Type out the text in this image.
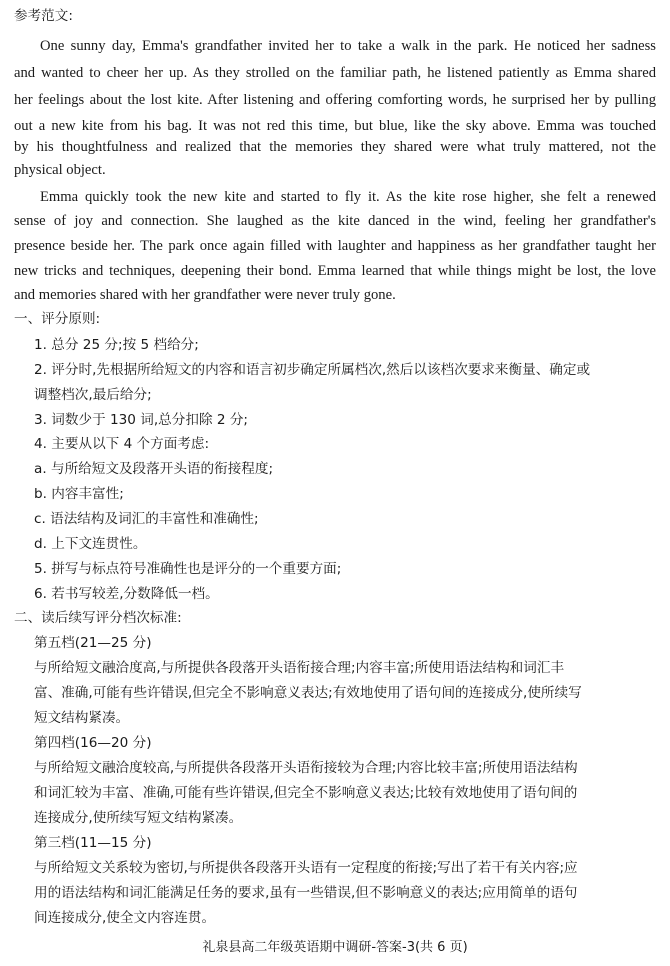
参考范文:
One sunny day, Emma's grandfather invited her to take a walk in the park. He noticed her sadness
and wanted to cheer her up. As they strolled on the familiar path, he listened patiently as Emma shared
her feelings about the lost kite. After listening and offering comforting words, he surprised her by pulling
out a new kite from his bag. It was not red this time, but blue, like the sky above. Emma was touched
by his thoughtfulness and realized that the memories they shared were what truly mattered, not the
physical object.
Emma quickly took the new kite and started to fly it. As the kite rose higher, she felt a renewed
sense of joy and connection. She laughed as the kite danced in the wind, feeling her grandfather's
presence beside her. The park once again filled with laughter and happiness as her grandfather taught her
new tricks and techniques, deepening their bond. Emma learned that while things might be lost, the love
and memories shared with her grandfather were never truly gone.
一、评分原则:
1. 总分 25 分;按 5 档给分;
2. 评分时,先根据所给短文的内容和语言初步确定所属档次,然后以该档次要求来衡量、确定或
调整档次,最后给分;
3. 词数少于 130 词,总分扣除 2 分;
4. 主要从以下 4 个方面考虑:
a. 与所给短文及段落开头语的衔接程度;
b. 内容丰富性;
c. 语法结构及词汇的丰富性和准确性;
d. 上下文连贯性。
5. 拼写与标点符号准确性也是评分的一个重要方面;
6. 若书写较差,分数降低一档。
二、读后续写评分档次标准:
第五档(21—25 分)
与所给短文融洽度高,与所提供各段落开头语衔接合理;内容丰富;所使用语法结构和词汇丰
富、准确,可能有些许错误,但完全不影响意义表达;有效地使用了语句间的连接成分,使所续写
短文结构紧凑。
第四档(16—20 分)
与所给短文融洽度较高,与所提供各段落开头语衔接较为合理;内容比较丰富;所使用语法结构
和词汇较为丰富、准确,可能有些许错误,但完全不影响意义表达;比较有效地使用了语句间的
连接成分,使所续写短文结构紧凑。
第三档(11—15 分)
与所给短文关系较为密切,与所提供各段落开头语有一定程度的衔接;写出了若干有关内容;应
用的语法结构和词汇能满足任务的要求,虽有一些错误,但不影响意义的表达;应用简单的语句
间连接成分,使全文内容连贯。
礼泉县高二年级英语期中调研-答案-3(共 6 页)
